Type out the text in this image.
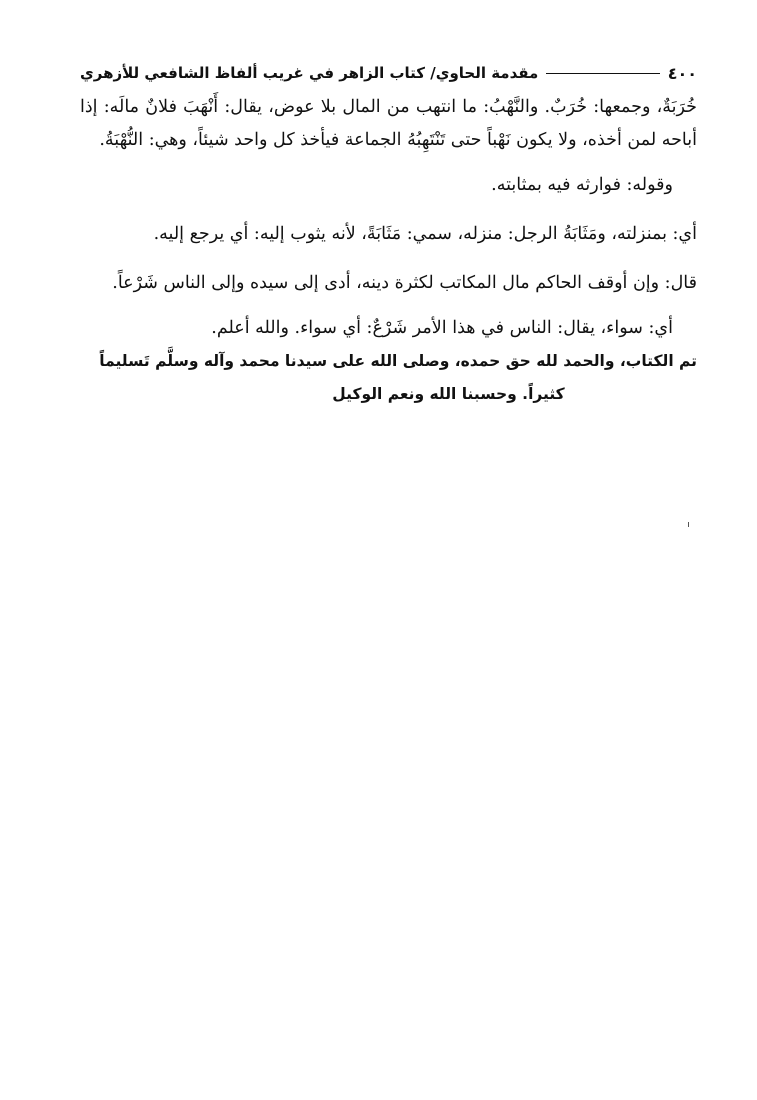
٤٠٠
مقدمة الحاوي/ كتاب الزاهر في غريب ألفاظ الشافعي للأزهري

خُرَبَةٌ، وجمعها: خُرَبٌ. والنَّهْبُ: ما انتهب من المال بلا عوض، يقال: أَنْهَبَ فلانٌ مالَه: إذا أباحه لمن أخذه، ولا يكون نَهْباً حتى تَنْتَهِبُهُ الجماعة فيأخذ كل واحد شيئاً، وهي: النُّهْبَةُ.

وقوله: فوارثه فيه بمثابته.

أي: بمنزلته، ومَثَابَةُ الرجل: منزله، سمي: مَثَابَةً، لأنه يثوب إليه: أي يرجع إليه.

قال: وإن أوقف الحاكم مال المكاتب لكثرة دينه، أدى إلى سيده وإلى الناس شَرْعاً.

أي: سواء، يقال: الناس في هذا الأمر شَرْعٌ: أي سواء. والله أعلم.

تم الكتاب، والحمد لله حق حمده، وصلى الله على سيدنا محمد وآله وسلَّم تَسليماً
كثيراً. وحسبنا الله ونعم الوكيل
